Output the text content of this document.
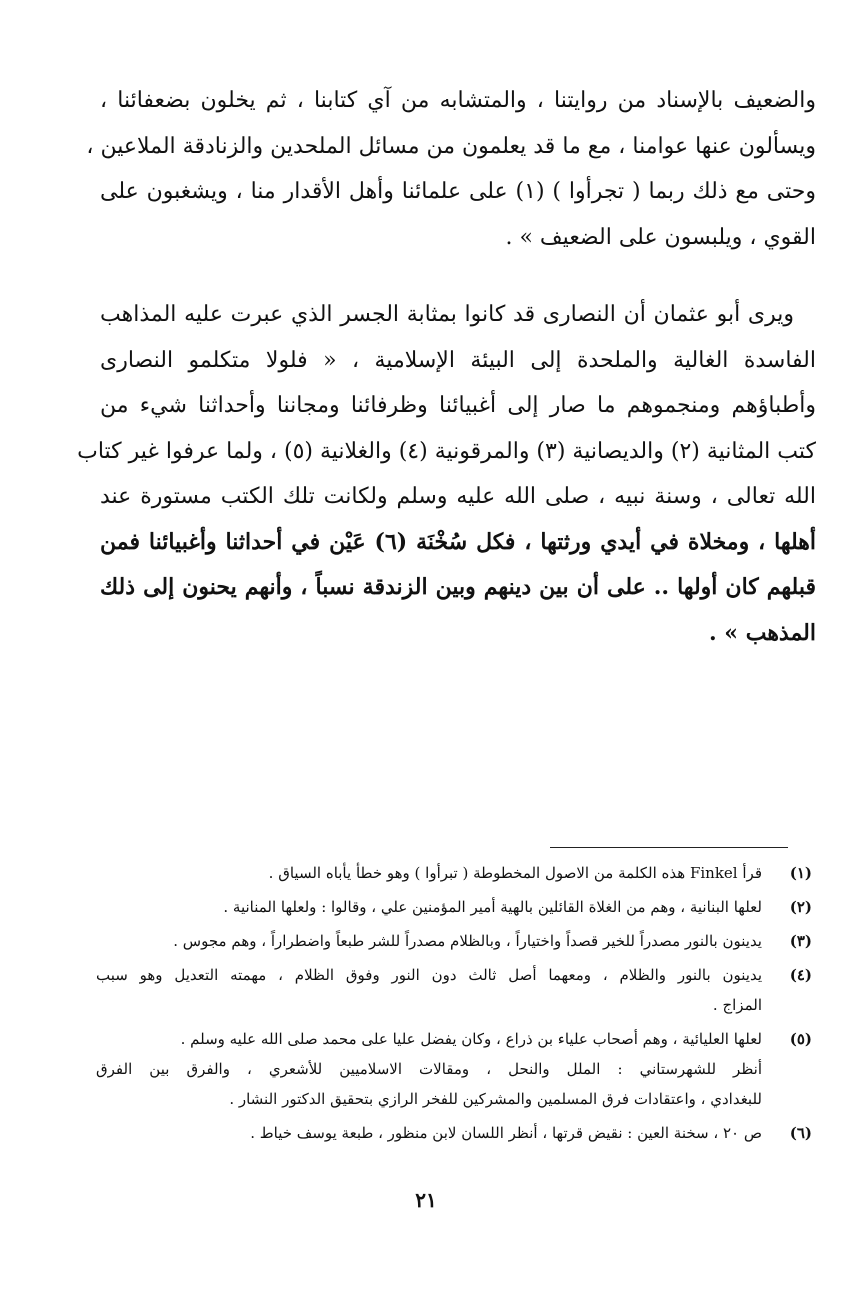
والضعيف بالإسناد من روايتنا ، والمتشابه من آي كتابنا ، ثم يخلون بضعفائنا ،
ويسألون عنها عوامنا ، مع ما قد يعلمون من مسائل الملحدين والزنادقة الملاعين ،
وحتى مع ذلك ربما ( تجرأوا ) (١) على علمائنا وأهل الأقدار منا ، ويشغبون على
القوي ، ويلبسون على الضعيف » .
ويرى أبو عثمان أن النصارى قد كانوا بمثابة الجسر الذي عبرت عليه المذاهب
الفاسدة الغالية والملحدة إلى البيئة الإسلامية ، « فلولا متكلمو النصارى
وأطباؤهم ومنجموهم ما صار إلى أغبيائنا وظرفائنا ومجاننا وأحداثنا شيء من
كتب المثانية (٢) والديصانية (٣) والمرقونية (٤) والغلانية (٥) ، ولما عرفوا غير كتاب
الله تعالى ، وسنة نبيه ، صلى الله عليه وسلم ولكانت تلك الكتب مستورة عند
أهلها ، ومخلاة في أيدي ورثتها ، فكل سُخْنَة (٦) عَيْن في أحداثنا وأغبيائنا فمن
قبلهم كان أولها .. على أن بين دينهم وبين الزندقة نسباً ، وأنهم يحنون إلى ذلك
المذهب » .
(١)
قرأ Finkel هذه الكلمة من الاصول المخطوطة ( تبرأوا ) وهو خطأ يأباه السياق .
(٢)
لعلها البنانية ، وهم من الغلاة القائلين بالهية أمير المؤمنين علي ، وقالوا : ولعلها المنانية .
(٣)
يدينون بالنور مصدراً للخير قصداً واختياراً ، وبالظلام مصدراً للشر طبعاً واضطراراً ، وهم مجوس .
(٤)
يدينون بالنور والظلام ، ومعهما أصل ثالث دون النور وفوق الظلام ، مهمته التعديل وهو سبب
المزاج .
(٥)
لعلها العليائية ، وهم أصحاب علياء بن ذراع ، وكان يفضل عليا على محمد صلى الله عليه وسلم .
أنظر للشهرستاني : الملل والنحل ، ومقالات الاسلاميين للأشعري ، والفرق بين الفرق
للبغدادي ، واعتقادات فرق المسلمين والمشركين للفخر الرازي بتحقيق الدكتور النشار .
(٦)
ص ٢٠ ، سخنة العين : نقيض قرتها ، أنظر اللسان لابن منظور ، طبعة يوسف خياط .
٢١
